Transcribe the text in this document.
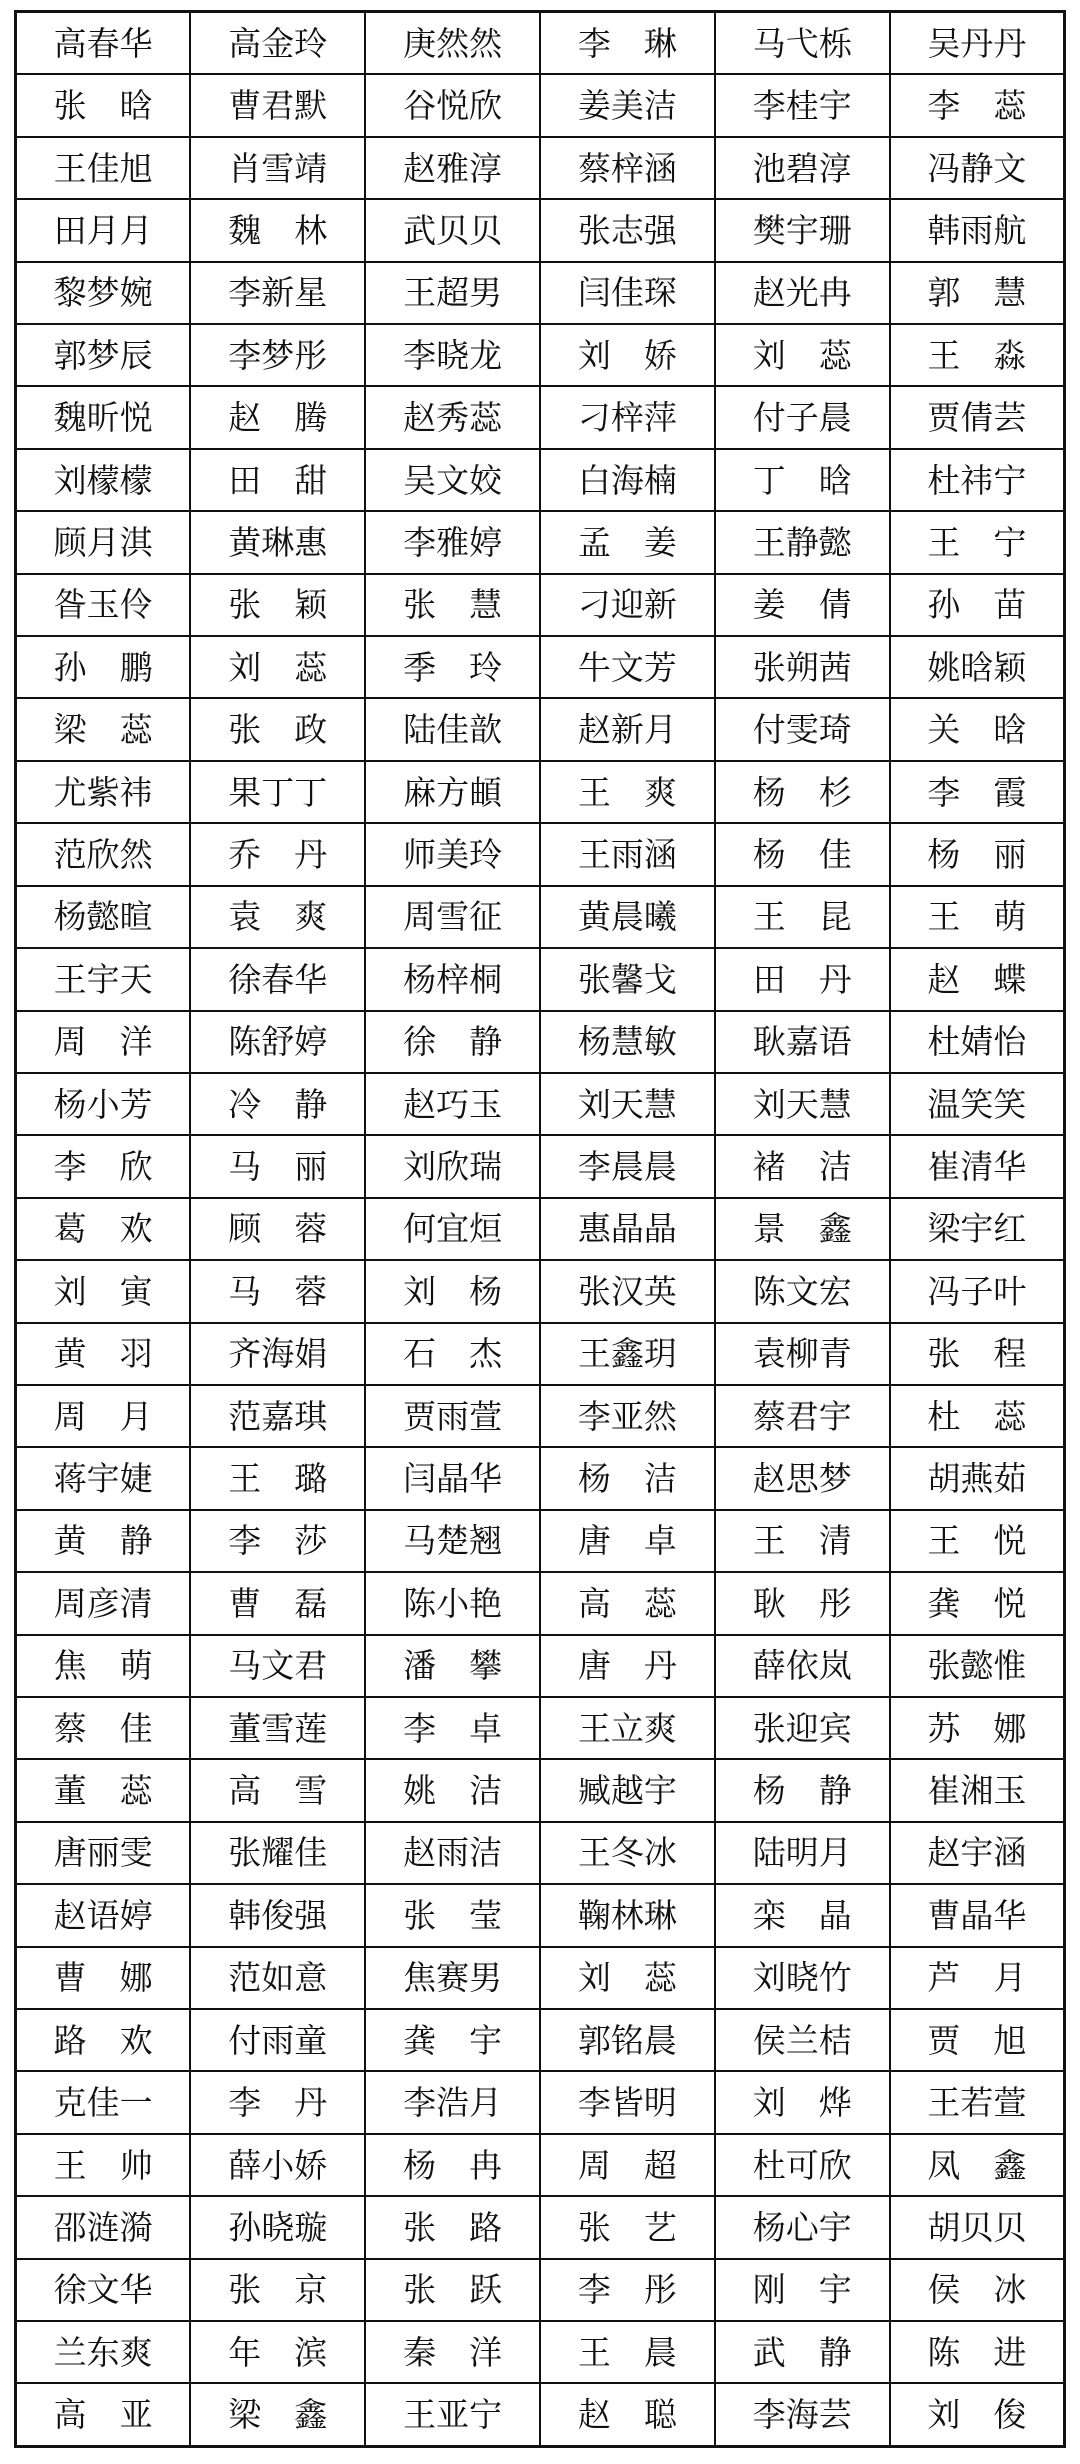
高春华	高金玲	庚然然	李　琳	马弋栎	吴丹丹
张　晗	曹君默	谷悦欣	姜美洁	李桂宇	李　蕊
王佳旭	肖雪靖	赵雅淳	蔡梓涵	池碧淳	冯静文
田月月	魏　林	武贝贝	张志强	樊宇珊	韩雨航
黎梦婉	李新星	王超男	闫佳琛	赵光冉	郭　慧
郭梦辰	李梦彤	李晓龙	刘　娇	刘　蕊	王　淼
魏昕悦	赵　腾	赵秀蕊	刁梓萍	付子晨	贾倩芸
刘檬檬	田　甜	吴文姣	白海楠	丁　晗	杜祎宁
顾月淇	黄琳惠	李雅婷	孟　姜	王静懿	王　宁
昝玉伶	张　颖	张　慧	刁迎新	姜　倩	孙　苗
孙　鹏	刘　蕊	季　玲	牛文芳	张朔茜	姚晗颖
梁　蕊	张　政	陆佳歆	赵新月	付雯琦	关　晗
尤紫祎	果丁丁	麻方頔	王　爽	杨　杉	李　霞
范欣然	乔　丹	师美玲	王雨涵	杨　佳	杨　丽
杨懿暄	袁　爽	周雪征	黄晨曦	王　昆	王　萌
王宇天	徐春华	杨梓桐	张馨戈	田　丹	赵　蝶
周　洋	陈舒婷	徐　静	杨慧敏	耿嘉语	杜婧怡
杨小芳	冷　静	赵巧玉	刘天慧	刘天慧	温笑笑
李　欣	马　丽	刘欣瑞	李晨晨	褚　洁	崔清华
葛　欢	顾　蓉	何宜烜	惠晶晶	景　鑫	梁宇红
刘　寅	马　蓉	刘　杨	张汉英	陈文宏	冯子叶
黄　羽	齐海娟	石　杰	王鑫玥	袁柳青	张　程
周　月	范嘉琪	贾雨萱	李亚然	蔡君宇	杜　蕊
蒋宇婕	王　璐	闫晶华	杨　洁	赵思梦	胡燕茹
黄　静	李　莎	马楚翘	唐　卓	王　清	王　悦
周彦清	曹　磊	陈小艳	高　蕊	耿　彤	龚　悦
焦　萌	马文君	潘　攀	唐　丹	薛依岚	张懿惟
蔡　佳	董雪莲	李　卓	王立爽	张迎宾	苏　娜
董　蕊	高　雪	姚　洁	臧越宇	杨　静	崔湘玉
唐丽雯	张耀佳	赵雨洁	王冬冰	陆明月	赵宇涵
赵语婷	韩俊强	张　莹	鞠林琳	栾　晶	曹晶华
曹　娜	范如意	焦赛男	刘　蕊	刘晓竹	芦　月
路　欢	付雨童	龚　宇	郭铭晨	侯兰桔	贾　旭
克佳一	李　丹	李浩月	李皆明	刘　烨	王若萱
王　帅	薛小娇	杨　冉	周　超	杜可欣	凤　鑫
邵涟漪	孙晓璇	张　路	张　艺	杨心宇	胡贝贝
徐文华	张　京	张　跃	李　彤	刚　宇	侯　冰
兰东爽	年　滨	秦　洋	王　晨	武　静	陈　进
高　亚	梁　鑫	王亚宁	赵　聪	李海芸	刘　俊
